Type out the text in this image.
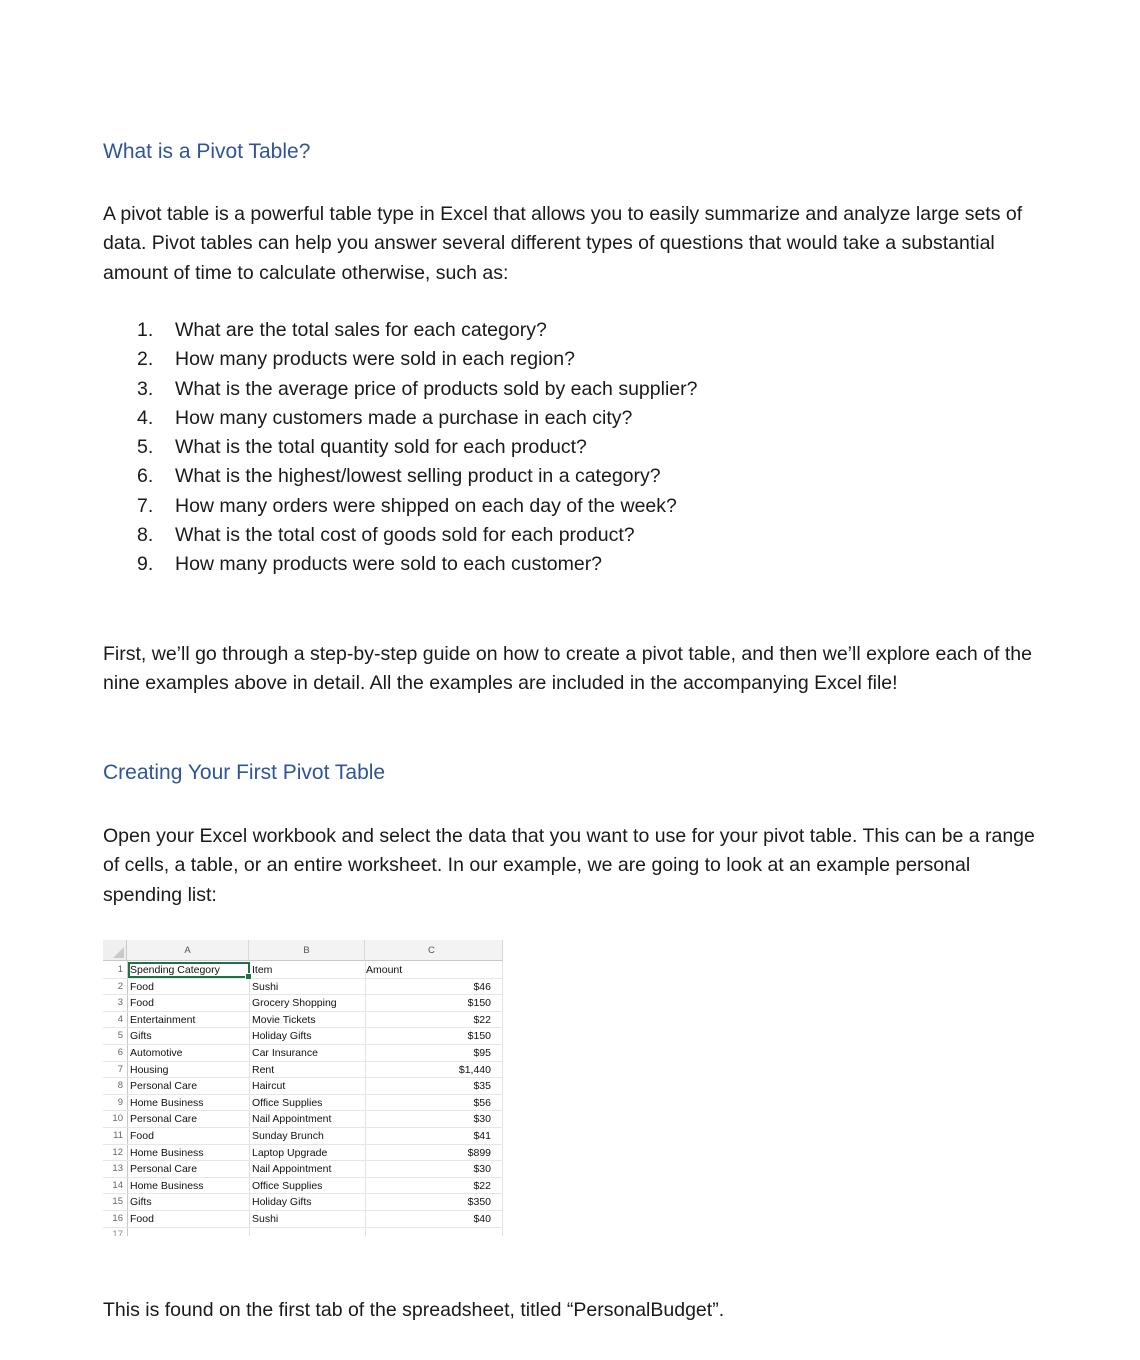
What is a Pivot Table?

A pivot table is a powerful table type in Excel that allows you to easily summarize and analyze large sets of data. Pivot tables can help you answer several different types of questions that would take a substantial amount of time to calculate otherwise, such as:

1.	What are the total sales for each category?
2.	How many products were sold in each region?
3.	What is the average price of products sold by each supplier?
4.	How many customers made a purchase in each city?
5.	What is the total quantity sold for each product?
6.	What is the highest/lowest selling product in a category?
7.	How many orders were shipped on each day of the week?
8.	What is the total cost of goods sold for each product?
9.	How many products were sold to each customer?

First, we’ll go through a step-by-step guide on how to create a pivot table, and then we’ll explore each of the nine examples above in detail. All the examples are included in the accompanying Excel file!

Creating Your First Pivot Table

Open your Excel workbook and select the data that you want to use for your pivot table. This can be a range of cells, a table, or an entire worksheet. In our example, we are going to look at an example personal spending list:

A	B	C
1 Spending Category	Item	Amount
2 Food	Sushi	$46
3 Food	Grocery Shopping	$150
4 Entertainment	Movie Tickets	$22
5 Gifts	Holiday Gifts	$150
6 Automotive	Car Insurance	$95
7 Housing	Rent	$1,440
8 Personal Care	Haircut	$35
9 Home Business	Office Supplies	$56
10 Personal Care	Nail Appointment	$30
11 Food	Sunday Brunch	$41
12 Home Business	Laptop Upgrade	$899
13 Personal Care	Nail Appointment	$30
14 Home Business	Office Supplies	$22
15 Gifts	Holiday Gifts	$350
16 Food	Sushi	$40
17

This is found on the first tab of the spreadsheet, titled “PersonalBudget”.
